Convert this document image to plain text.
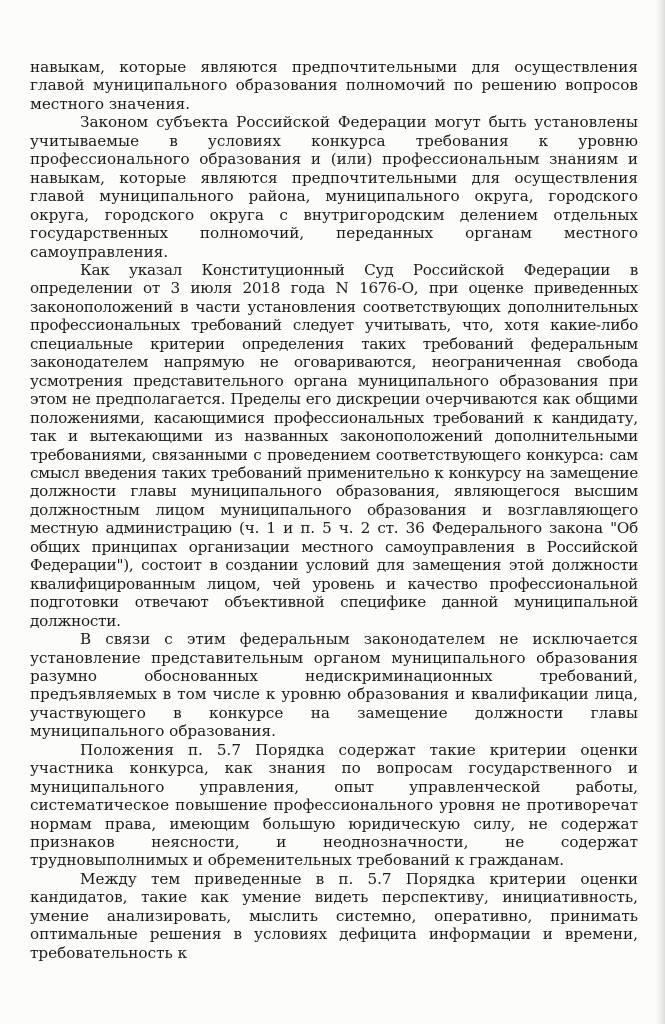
навыкам, которые являются предпочтительными для осуществления главой муниципального образования полномочий по решению вопросов местного значения.

Законом субъекта Российской Федерации могут быть установлены учитываемые в условиях конкурса требования к уровню профессионального образования и (или) профессиональным знаниям и навыкам, которые являются предпочтительными для осуществления главой муниципального района, муниципального округа, городского округа, городского округа с внутригородским делением отдельных государственных полномочий, переданных органам местного самоуправления.

Как указал Конституционный Суд Российской Федерации в определении от 3 июля 2018 года N 1676-О, при оценке приведенных законоположений в части установления соответствующих дополнительных профессиональных требований следует учитывать, что, хотя какие-либо специальные критерии определения таких требований федеральным законодателем напрямую не оговариваются, неограниченная свобода усмотрения представительного органа муниципального образования при этом не предполагается. Пределы его дискреции очерчиваются как общими положениями, касающимися профессиональных требований к кандидату, так и вытекающими из названных законоположений дополнительными требованиями, связанными с проведением соответствующего конкурса: сам смысл введения таких требований применительно к конкурсу на замещение должности главы муниципального образования, являющегося высшим должностным лицом муниципального образования и возглавляющего местную администрацию (ч. 1 и п. 5 ч. 2 ст. 36 Федерального закона "Об общих принципах организации местного самоуправления в Российской Федерации"), состоит в создании условий для замещения этой должности квалифицированным лицом, чей уровень и качество профессиональной подготовки отвечают объективной специфике данной муниципальной должности.

В связи с этим федеральным законодателем не исключается установление представительным органом муниципального образования разумно обоснованных недискриминационных требований, предъявляемых в том числе к уровню образования и квалификации лица, участвующего в конкурсе на замещение должности главы муниципального образования.

Положения п. 5.7 Порядка содержат такие критерии оценки участника конкурса, как знания по вопросам государственного и муниципального управления, опыт управленческой работы, систематическое повышение профессионального уровня не противоречат нормам права, имеющим большую юридическую силу, не содержат признаков неясности, и неоднозначности, не содержат трудновыполнимых и обременительных требований к гражданам.

Между тем приведенные в п. 5.7 Порядка критерии оценки кандидатов, такие как умение видеть перспективу, инициативность, умение анализировать, мыслить системно, оперативно, принимать оптимальные решения в условиях дефицита информации и времени, требовательность к
